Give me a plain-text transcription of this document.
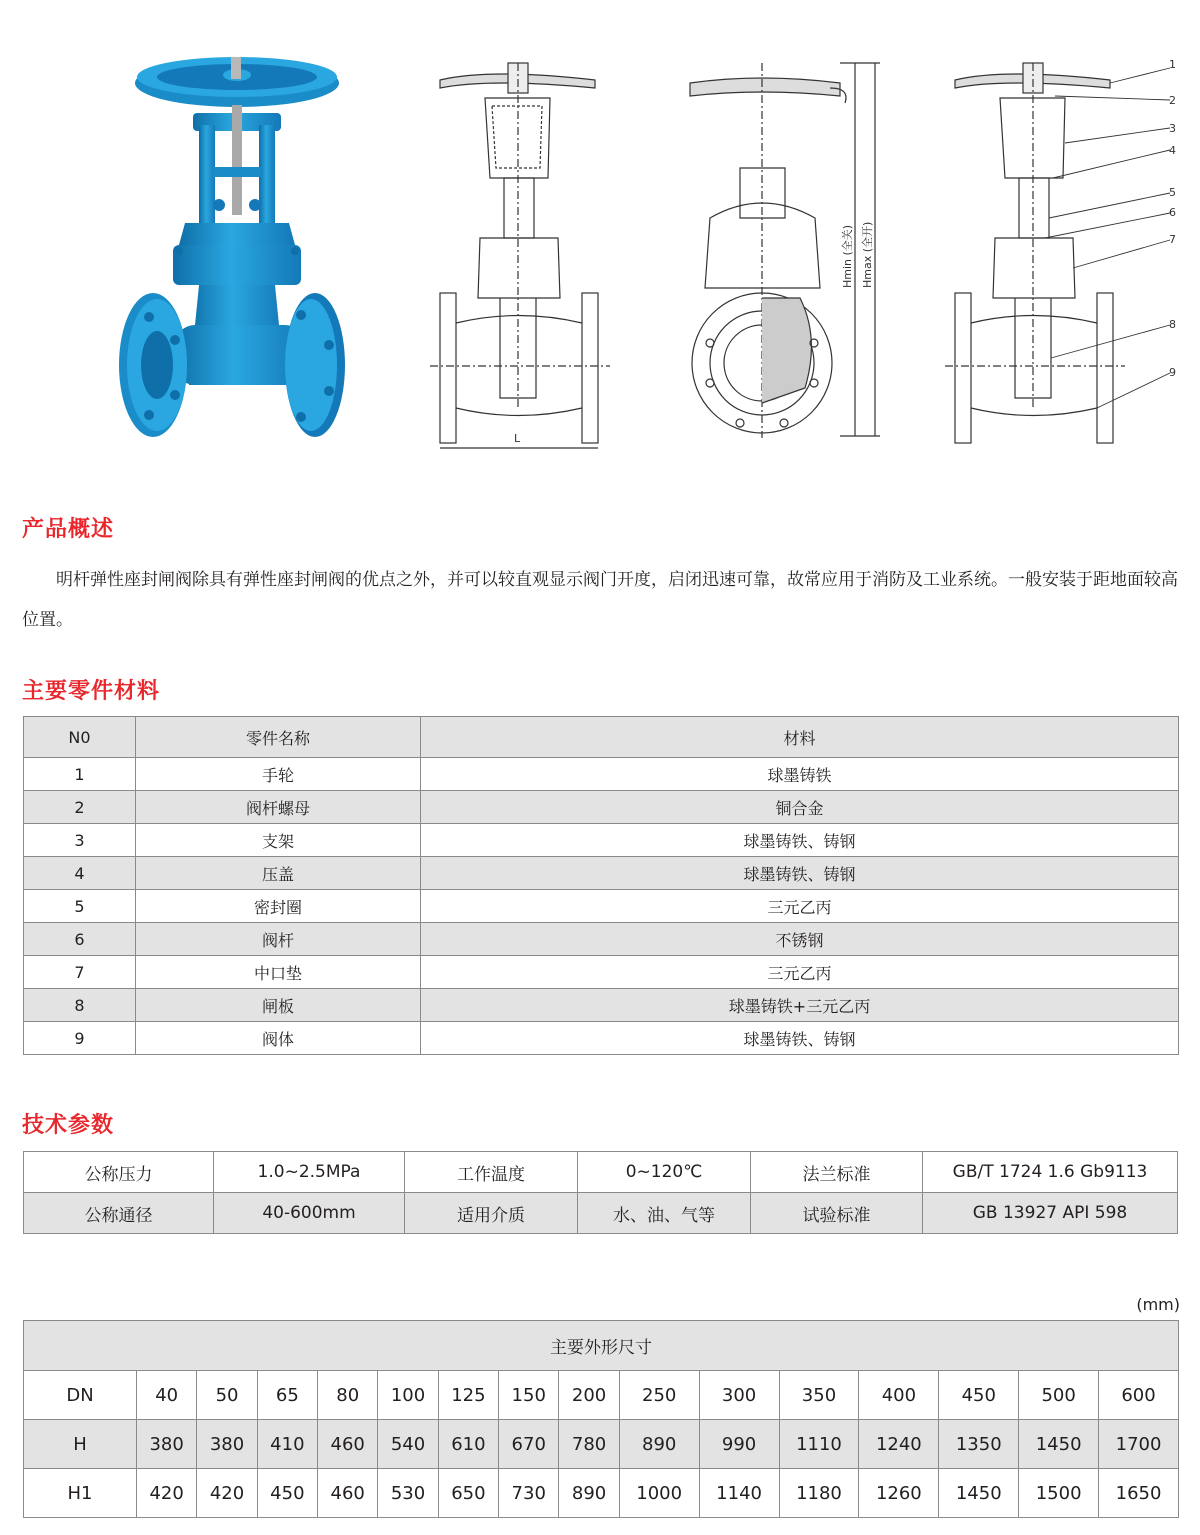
L
Hmin (全关) Hmax (全开)
1
2
3
4
5
6
7
8
9
产品概述
明杆弹性座封闸阀除具有弹性座封闸阀的优点之外，并可以较直观显示阀门开度，启闭迅速可靠，故常应用于消防及工业系统。一般安装于距地面较高位置。
主要零件材料
N0	零件名称	材料
1	手轮	球墨铸铁
2	阀杆螺母	铜合金
3	支架	球墨铸铁、铸钢
4	压盖	球墨铸铁、铸钢
5	密封圈	三元乙丙
6	阀杆	不锈钢
7	中口垫	三元乙丙
8	闸板	球墨铸铁+三元乙丙
9	阀体	球墨铸铁、铸钢
技术参数
公称压力	1.0~2.5MPa	工作温度	0~120℃	法兰标准	GB/T 1724 1.6 Gb9113
公称通径	40-600mm	适用介质	水、油、气等	试验标准	GB 13927 API 598
(mm)
主要外形尺寸															
DN	40	50	65	80	100	125	150	200	250	300	350	400	450	500	600
H	380	380	410	460	540	610	670	780	890	990	1110	1240	1350	1450	1700
H1	420	420	450	460	530	650	730	890	1000	1140	1180	1260	1450	1500	1650
